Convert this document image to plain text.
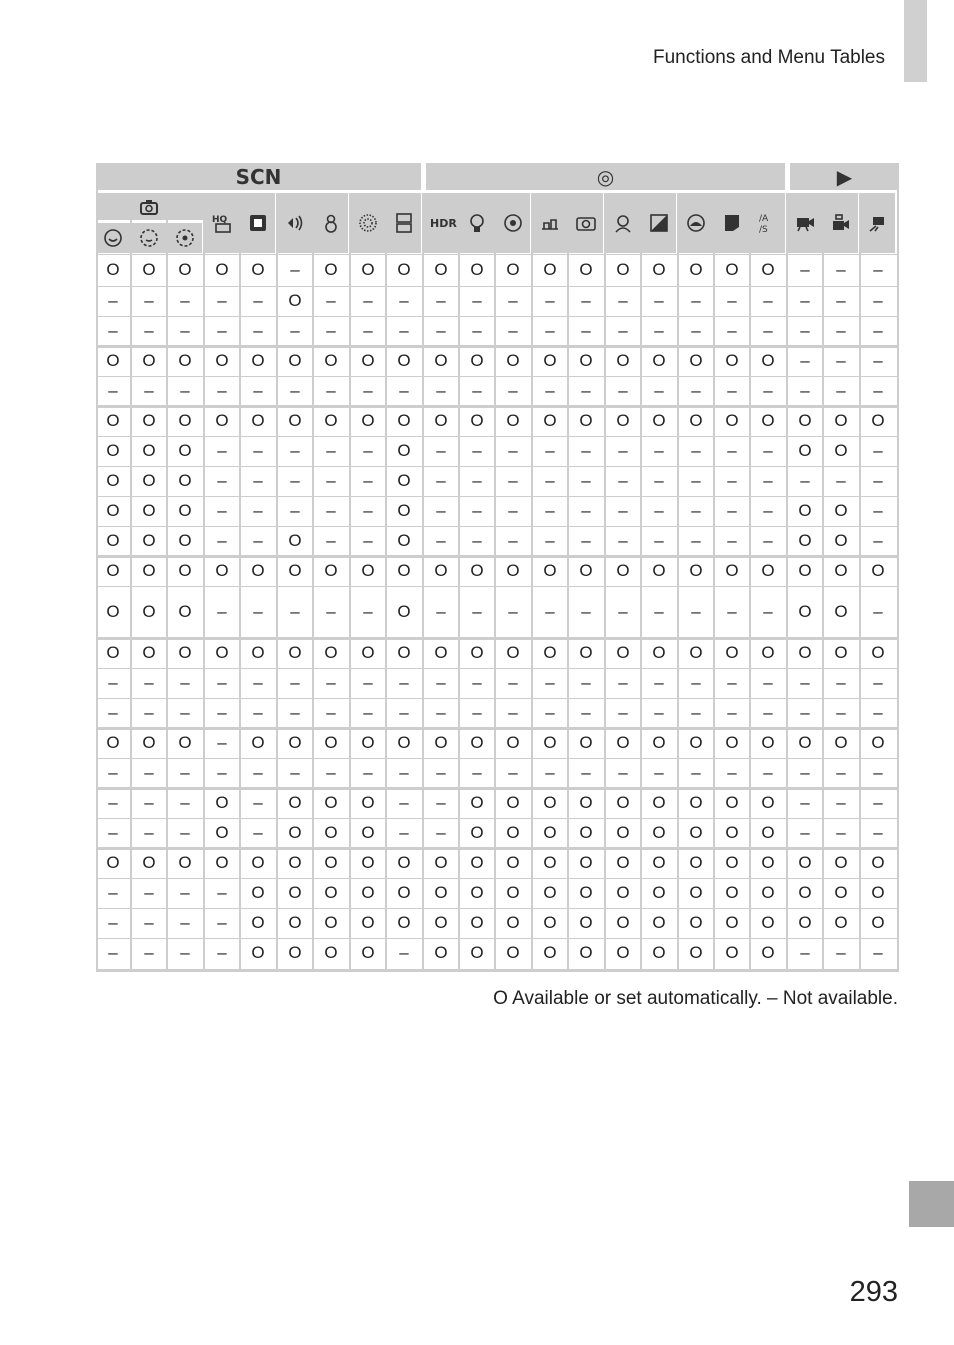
Functions and Menu Tables
SCN	◎	▶
HQ	HDR	/A
/S
O O O O O – O O O O O O O O O O O O O – – –
– – – – – O – – – – – – – – – – – – – – – –
– – – – – – – – – – – – – – – – – – – – – –
O O O O O O O O O O O O O O O O O O O – – –
– – – – – – – – – – – – – – – – – – – – – –
O O O O O O O O O O O O O O O O O O O O O O
O O O – – – – – O – – – – – – – – – – O O –
O O O – – – – – O – – – – – – – – – – – – –
O O O – – – – – O – – – – – – – – – – O O –
O O O – – O – – O – – – – – – – – – – O O –
O O O O O O O O O O O O O O O O O O O O O O
O O O – – – – – O – – – – – – – – – – O O –
O O O O O O O O O O O O O O O O O O O O O O
– – – – – – – – – – – – – – – – – – – – – –
– – – – – – – – – – – – – – – – – – – – – –
O O O – O O O O O O O O O O O O O O O O O O
– – – – – – – – – – – – – – – – – – – – – –
– – – O – O O O – – O O O O O O O O O – – –
– – – O – O O O – – O O O O O O O O O – – –
O O O O O O O O O O O O O O O O O O O O O O
– – – – O O O O O O O O O O O O O O O O O O
– – – – O O O O O O O O O O O O O O O O O O
– – – – O O O O – O O O O O O O O O O – – –
O Available or set automatically. – Not available.
293
